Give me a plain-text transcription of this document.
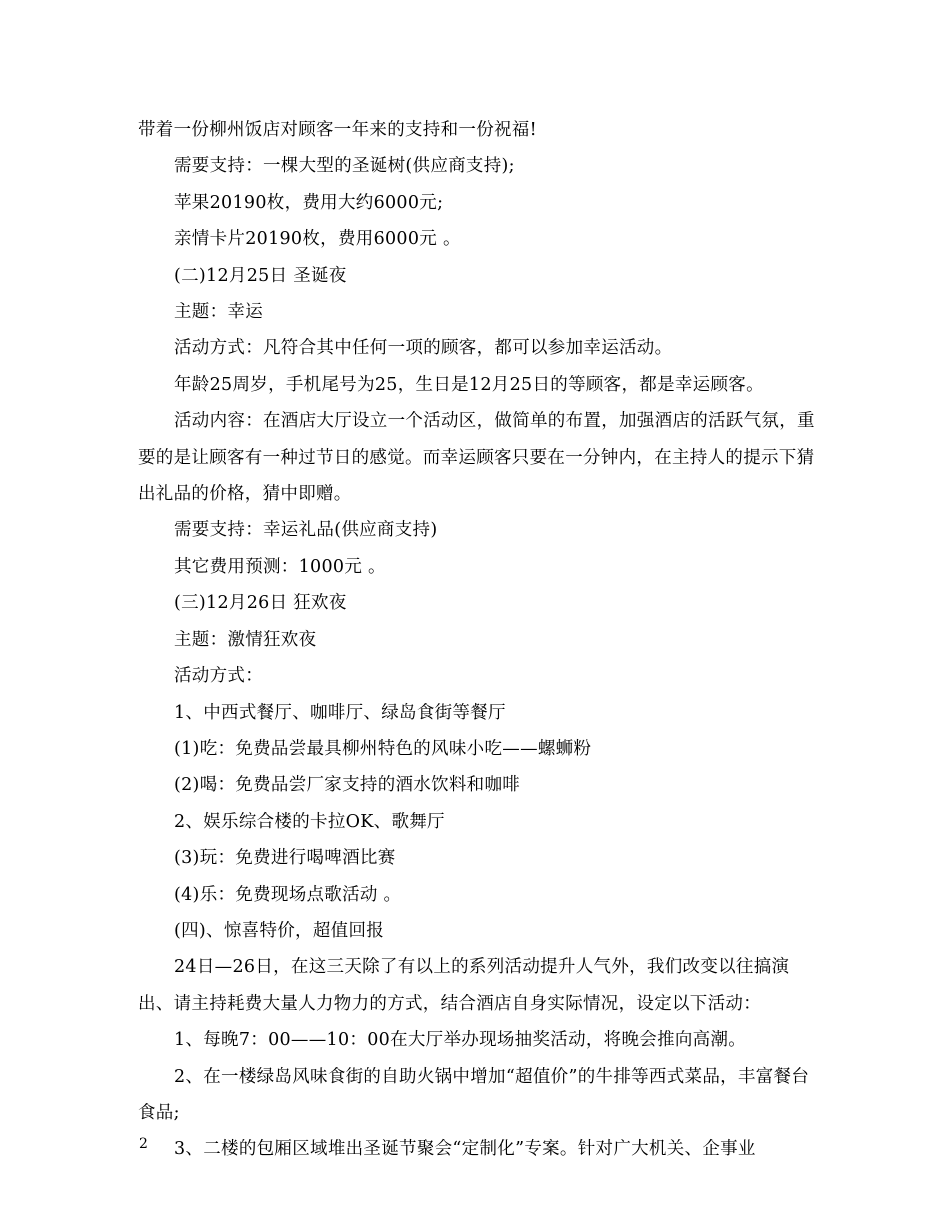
带着一份柳州饭店对顾客一年来的支持和一份祝福!

需要支持：一棵大型的圣诞树(供应商支持);

苹果20190枚，费用大约6000元;

亲情卡片20190枚，费用6000元 。

(二)12月25日 圣诞夜

主题：幸运

活动方式：凡符合其中任何一项的顾客，都可以参加幸运活动。

年龄25周岁，手机尾号为25，生日是12月25日的等顾客，都是幸运顾客。

活动内容：在酒店大厅设立一个活动区，做简单的布置，加强酒店的活跃气氛，重要的是让顾客有一种过节日的感觉。而幸运顾客只要在一分钟内，在主持人的提示下猜出礼品的价格，猜中即赠。

需要支持：幸运礼品(供应商支持)

其它费用预测：1000元 。

(三)12月26日 狂欢夜

主题：激情狂欢夜

活动方式：

1、中西式餐厅、咖啡厅、绿岛食街等餐厅

(1)吃：免费品尝最具柳州特色的风味小吃——螺蛳粉

(2)喝：免费品尝厂家支持的酒水饮料和咖啡

2、娱乐综合楼的卡拉OK、歌舞厅

(3)玩：免费进行喝啤酒比赛

(4)乐：免费现场点歌活动 。

(四)、惊喜特价，超值回报

24日—26日，在这三天除了有以上的系列活动提升人气外，我们改变以往搞演出、请主持耗费大量人力物力的方式，结合酒店自身实际情况，设定以下活动：

1、每晚7：00——10：00在大厅举办现场抽奖活动，将晚会推向高潮。

2、在一楼绿岛风味食街的自助火锅中增加“超值价”的牛排等西式菜品，丰富餐台食品;

3、二楼的包厢区域堆出圣诞节聚会“定制化”专案。针对广大机关、企事业

2
